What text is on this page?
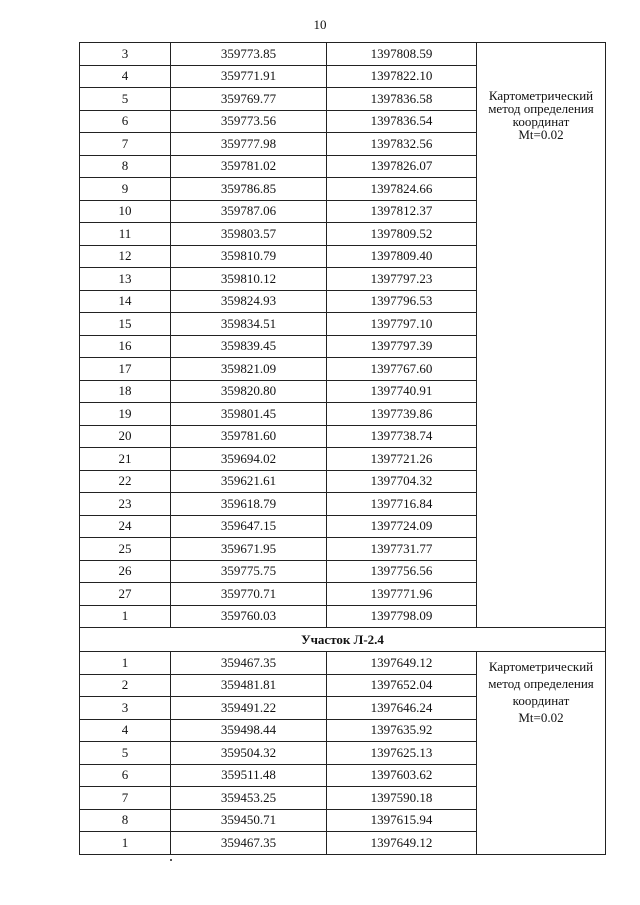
10
3	359773.85	1397808.59	Картометрический
метод определения
координат
Mt=0.02

4	359771.91	1397822.10	
5	359769.77	1397836.58	
6	359773.56	1397836.54	
7	359777.98	1397832.56	
8	359781.02	1397826.07	
9	359786.85	1397824.66	
10	359787.06	1397812.37	
11	359803.57	1397809.52	
12	359810.79	1397809.40	
13	359810.12	1397797.23	
14	359824.93	1397796.53	
15	359834.51	1397797.10	
16	359839.45	1397797.39	
17	359821.09	1397767.60	
18	359820.80	1397740.91	
19	359801.45	1397739.86	
20	359781.60	1397738.74	
21	359694.02	1397721.26	
22	359621.61	1397704.32	
23	359618.79	1397716.84	
24	359647.15	1397724.09	
25	359671.95	1397731.77	
26	359775.75	1397756.56	
27	359770.71	1397771.96	
1	359760.03	1397798.09	
Участок Л-2.4			
1	359467.35	1397649.12	Картометрический
метод определения
координат
Mt=0.02

2	359481.81	1397652.04	
3	359491.22	1397646.24	
4	359498.44	1397635.92	
5	359504.32	1397625.13	
6	359511.48	1397603.62	
7	359453.25	1397590.18	
8	359450.71	1397615.94	
1	359467.35	1397649.12	
